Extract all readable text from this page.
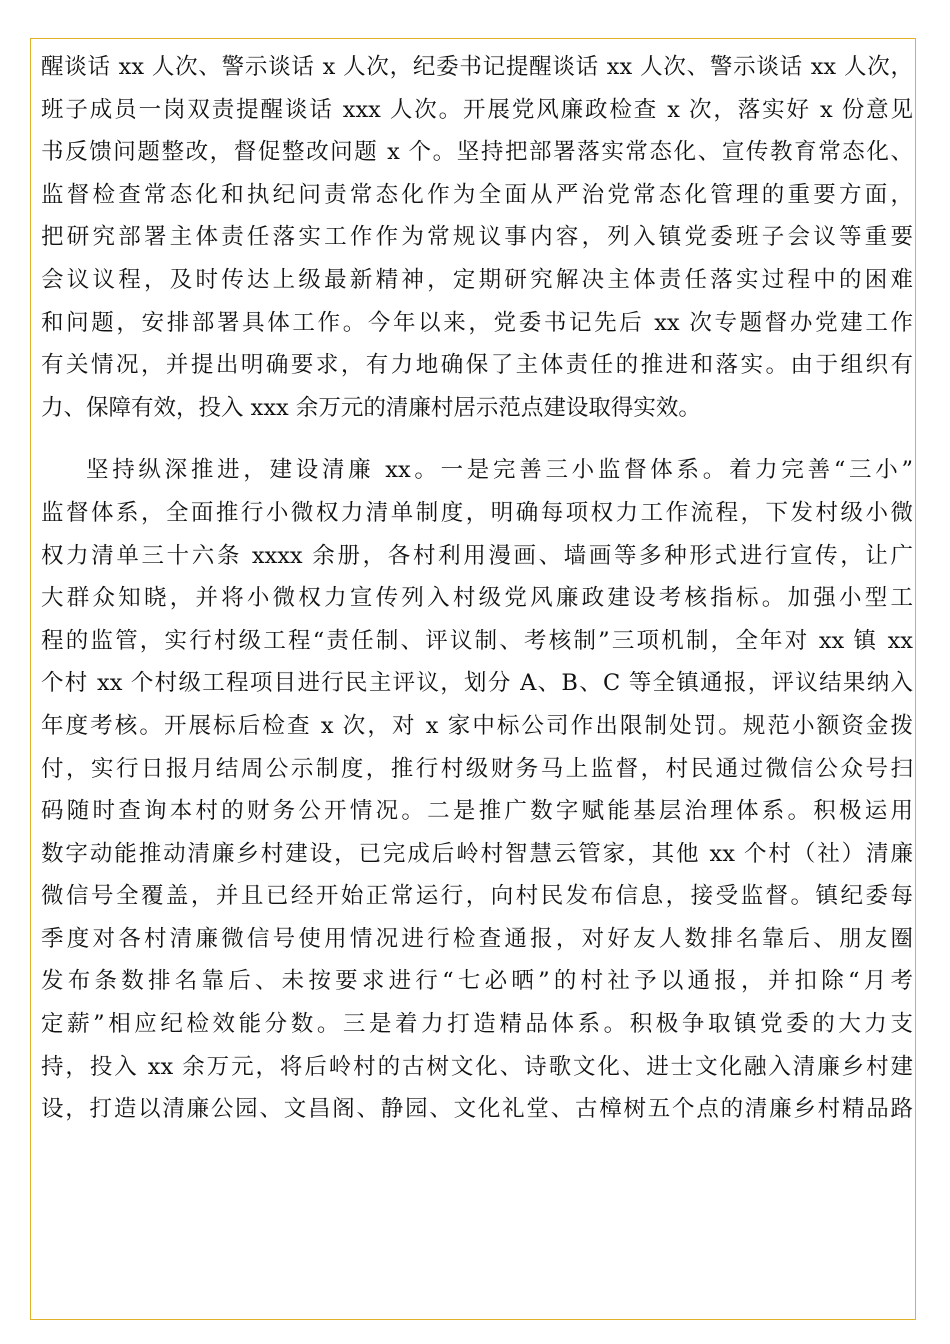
醒谈话 xx 人次、警示谈话 x 人次，纪委书记提醒谈话 xx 人次、警示谈话 xx 人次，
班子成员一岗双责提醒谈话 xxx 人次。开展党风廉政检查 x 次，落实好 x 份意见
书反馈问题整改，督促整改问题 x 个。坚持把部署落实常态化、宣传教育常态化、
监督检查常态化和执纪问责常态化作为全面从严治党常态化管理的重要方面，
把研究部署主体责任落实工作作为常规议事内容，列入镇党委班子会议等重要
会议议程，及时传达上级最新精神，定期研究解决主体责任落实过程中的困难
和问题，安排部署具体工作。今年以来，党委书记先后 xx 次专题督办党建工作
有关情况，并提出明确要求，有力地确保了主体责任的推进和落实。由于组织有
力、保障有效，投入 xxx 余万元的清廉村居示范点建设取得实效。
坚持纵深推进，建设清廉 xx。一是完善三小监督体系。着力完善“三小”
监督体系，全面推行小微权力清单制度，明确每项权力工作流程，下发村级小微
权力清单三十六条 xxxx 余册，各村利用漫画、墙画等多种形式进行宣传，让广
大群众知晓，并将小微权力宣传列入村级党风廉政建设考核指标。加强小型工
程的监管，实行村级工程“责任制、评议制、考核制”三项机制，全年对 xx 镇 xx
个村 xx 个村级工程项目进行民主评议，划分 A、B、C 等全镇通报，评议结果纳入
年度考核。开展标后检查 x 次，对 x 家中标公司作出限制处罚。规范小额资金拨
付，实行日报月结周公示制度，推行村级财务马上监督，村民通过微信公众号扫
码随时查询本村的财务公开情况。二是推广数字赋能基层治理体系。积极运用
数字动能推动清廉乡村建设，已完成后岭村智慧云管家，其他 xx 个村（社）清廉
微信号全覆盖，并且已经开始正常运行，向村民发布信息，接受监督。镇纪委每
季度对各村清廉微信号使用情况进行检查通报，对好友人数排名靠后、朋友圈
发布条数排名靠后、未按要求进行“七必晒”的村社予以通报，并扣除“月考
定薪”相应纪检效能分数。三是着力打造精品体系。积极争取镇党委的大力支
持，投入 xx 余万元，将后岭村的古树文化、诗歌文化、进士文化融入清廉乡村建
设，打造以清廉公园、文昌阁、静园、文化礼堂、古樟树五个点的清廉乡村精品路
